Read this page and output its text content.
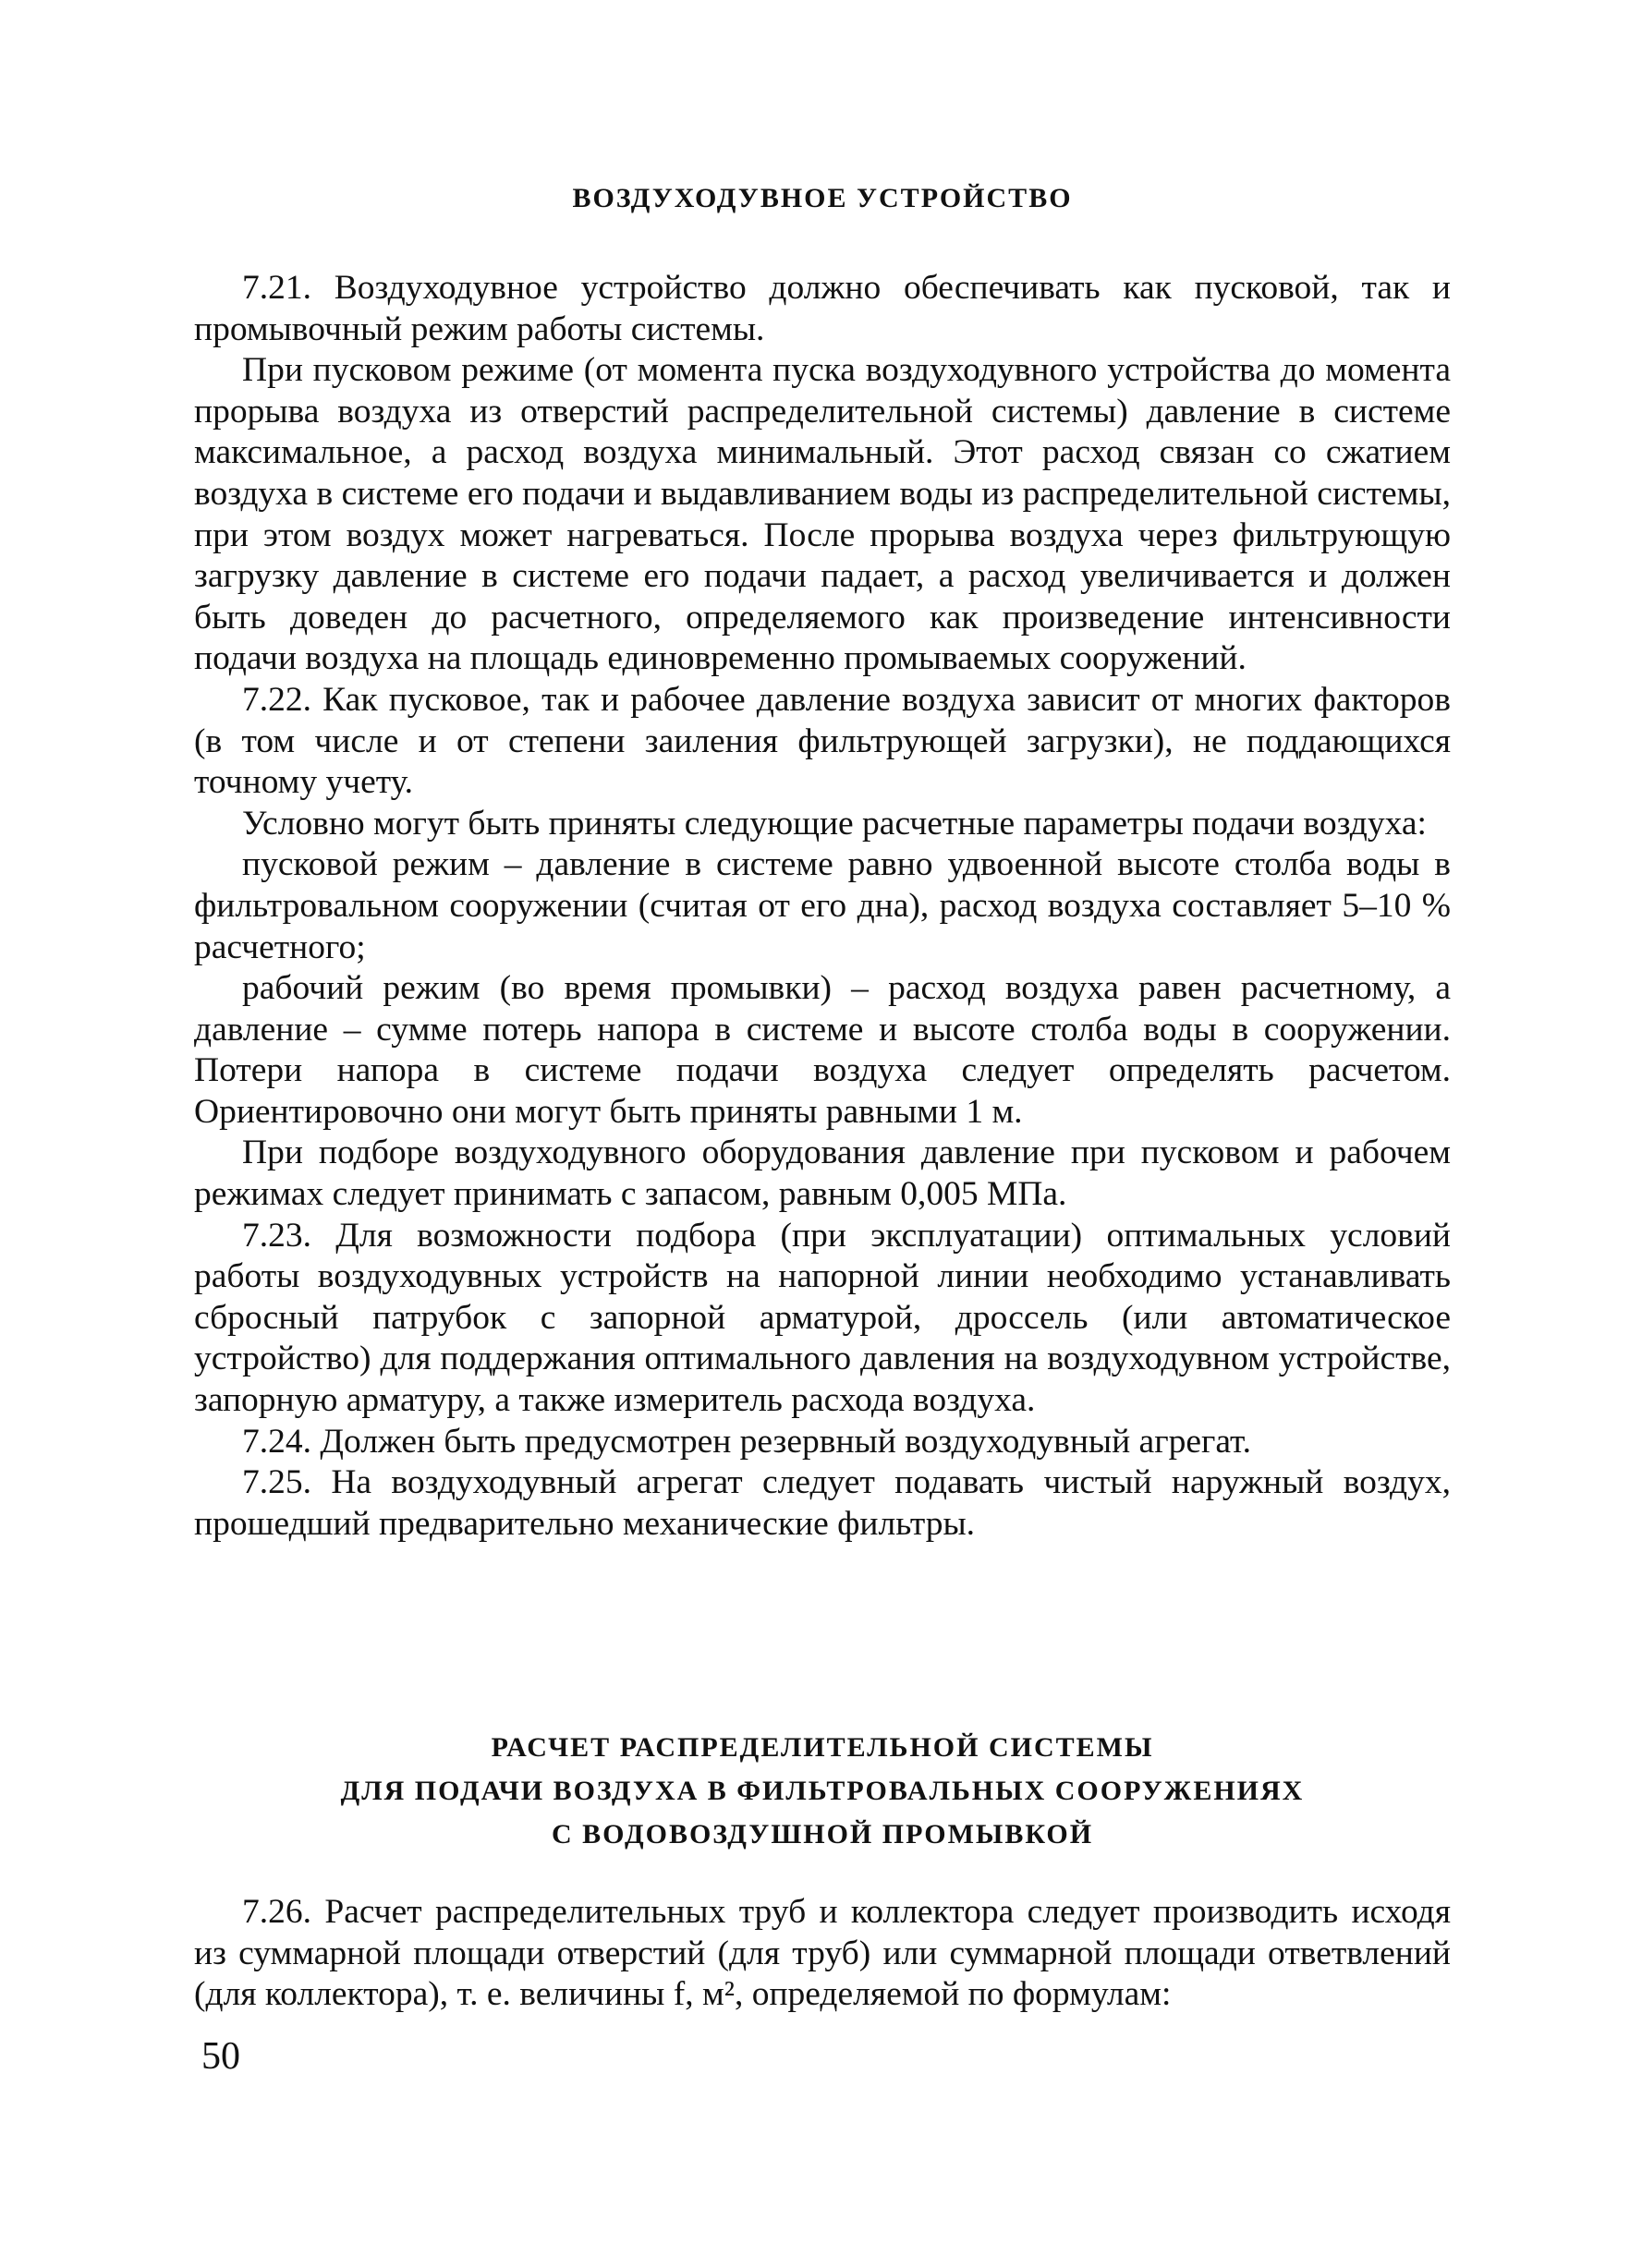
ВОЗДУХОДУВНОЕ УСТРОЙСТВО

7.21. Воздуходувное устройство должно обеспечивать как пусковой, так и промывочный режим работы системы.

При пусковом режиме (от момента пуска воздуходувного устройства до момента прорыва воздуха из отверстий распределительной системы) давление в системе максимальное, а расход воздуха минимальный. Этот расход связан со сжатием воздуха в системе его подачи и выдавливанием воды из распределительной системы, при этом воздух может нагреваться. После прорыва воздуха через фильтрующую загрузку давление в системе его подачи падает, а расход увеличивается и должен быть доведен до расчетного, определяемого как произведение интенсивности подачи воздуха на площадь единовременно промываемых сооружений.

7.22. Как пусковое, так и рабочее давление воздуха зависит от многих факторов (в том числе и от степени заиления фильтрующей загрузки), не поддающихся точному учету.

Условно могут быть приняты следующие расчетные параметры подачи воздуха:

пусковой режим – давление в системе равно удвоенной высоте столба воды в фильтровальном сооружении (считая от его дна), расход воздуха составляет 5–10 % расчетного;

рабочий режим (во время промывки) – расход воздуха равен расчетному, а давление – сумме потерь напора в системе и высоте столба воды в сооружении. Потери напора в системе подачи воздуха следует определять расчетом. Ориентировочно они могут быть приняты равными 1 м.

При подборе воздуходувного оборудования давление при пусковом и рабочем режимах следует принимать с запасом, равным 0,005 МПа.

7.23. Для возможности подбора (при эксплуатации) оптимальных условий работы воздуходувных устройств на напорной линии необходимо устанавливать сбросный патрубок с запорной арматурой, дроссель (или автоматическое устройство) для поддержания оптимального давления на воздуходувном устройстве, запорную арматуру, а также измеритель расхода воздуха.

7.24. Должен быть предусмотрен резервный воздуходувный агрегат.

7.25. На воздуходувный агрегат следует подавать чистый наружный воздух, прошедший предварительно механические фильтры.

РАСЧЕТ РАСПРЕДЕЛИТЕЛЬНОЙ СИСТЕМЫ
ДЛЯ ПОДАЧИ ВОЗДУХА В ФИЛЬТРОВАЛЬНЫХ СООРУЖЕНИЯХ
С ВОДОВОЗДУШНОЙ ПРОМЫВКОЙ

7.26. Расчет распределительных труб и коллектора следует производить исходя из суммарной площади отверстий (для труб) или суммарной площади ответвлений (для коллектора), т. е. величины f, м², определяемой по формулам:

50
